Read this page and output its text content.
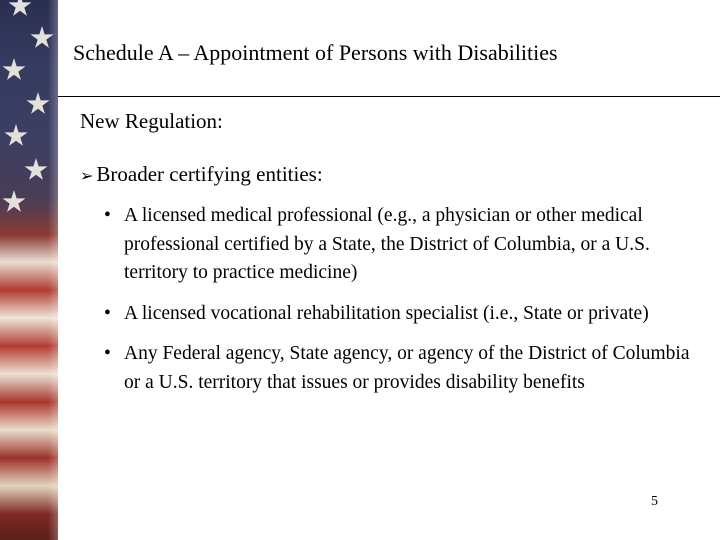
Schedule A – Appointment of Persons with Disabilities
New Regulation:
➢ Broader certifying entities:
• A licensed medical professional (e.g., a physician or other medical professional certified by a State, the District of Columbia, or a U.S. territory to practice medicine)
• A licensed vocational rehabilitation specialist (i.e., State or private)
• Any Federal agency, State agency, or agency of the District of Columbia or a U.S. territory that issues or provides disability benefits
5
